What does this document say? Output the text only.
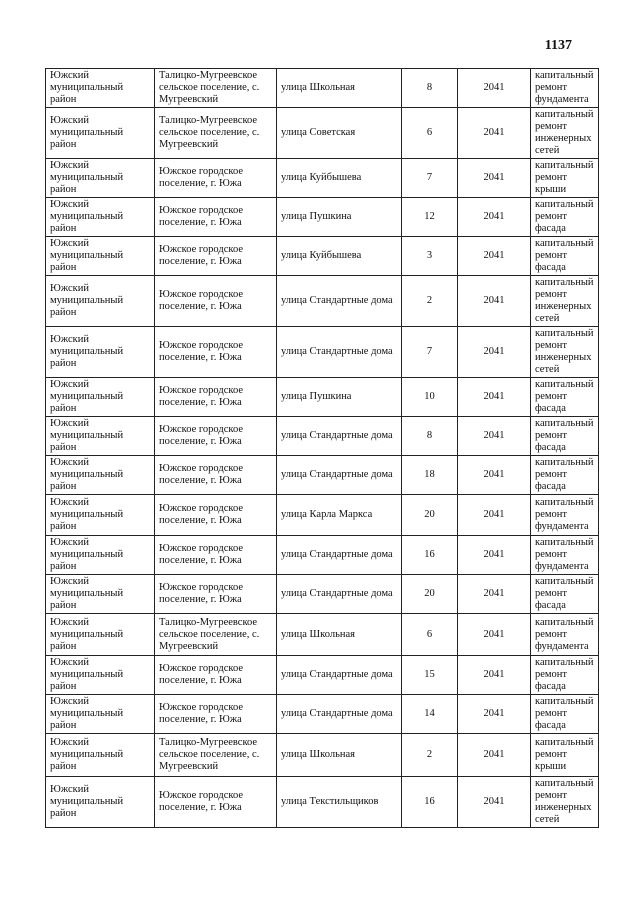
1137
Южский муниципальный район	Талицко-Мугреевское сельское поселение, с. Мугреевский	улица Школьная	8	2041	капитальный ремонт фундамента
Южский муниципальный район	Талицко-Мугреевское сельское поселение, с. Мугреевский	улица Советская	6	2041	капитальный ремонт инженерных сетей
Южский муниципальный район	Южское городское поселение, г. Южа	улица Куйбышева	7	2041	капитальный ремонт крыши
Южский муниципальный район	Южское городское поселение, г. Южа	улица Пушкина	12	2041	капитальный ремонт фасада
Южский муниципальный район	Южское городское поселение, г. Южа	улица Куйбышева	3	2041	капитальный ремонт фасада
Южский муниципальный район	Южское городское поселение, г. Южа	улица Стандартные дома	2	2041	капитальный ремонт инженерных сетей
Южский муниципальный район	Южское городское поселение, г. Южа	улица Стандартные дома	7	2041	капитальный ремонт инженерных сетей
Южский муниципальный район	Южское городское поселение, г. Южа	улица Пушкина	10	2041	капитальный ремонт фасада
Южский муниципальный район	Южское городское поселение, г. Южа	улица Стандартные дома	8	2041	капитальный ремонт фасада
Южский муниципальный район	Южское городское поселение, г. Южа	улица Стандартные дома	18	2041	капитальный ремонт фасада
Южский муниципальный район	Южское городское поселение, г. Южа	улица Карла Маркса	20	2041	капитальный ремонт фундамента
Южский муниципальный район	Южское городское поселение, г. Южа	улица Стандартные дома	16	2041	капитальный ремонт фундамента
Южский муниципальный район	Южское городское поселение, г. Южа	улица Стандартные дома	20	2041	капитальный ремонт фасада
Южский муниципальный район	Талицко-Мугреевское сельское поселение, с. Мугреевский	улица Школьная	6	2041	капитальный ремонт фундамента
Южский муниципальный район	Южское городское поселение, г. Южа	улица Стандартные дома	15	2041	капитальный ремонт фасада
Южский муниципальный район	Южское городское поселение, г. Южа	улица Стандартные дома	14	2041	капитальный ремонт фасада
Южский муниципальный район	Талицко-Мугреевское сельское поселение, с. Мугреевский	улица Школьная	2	2041	капитальный ремонт крыши
Южский муниципальный район	Южское городское поселение, г. Южа	улица Текстильщиков	16	2041	капитальный ремонт инженерных сетей
